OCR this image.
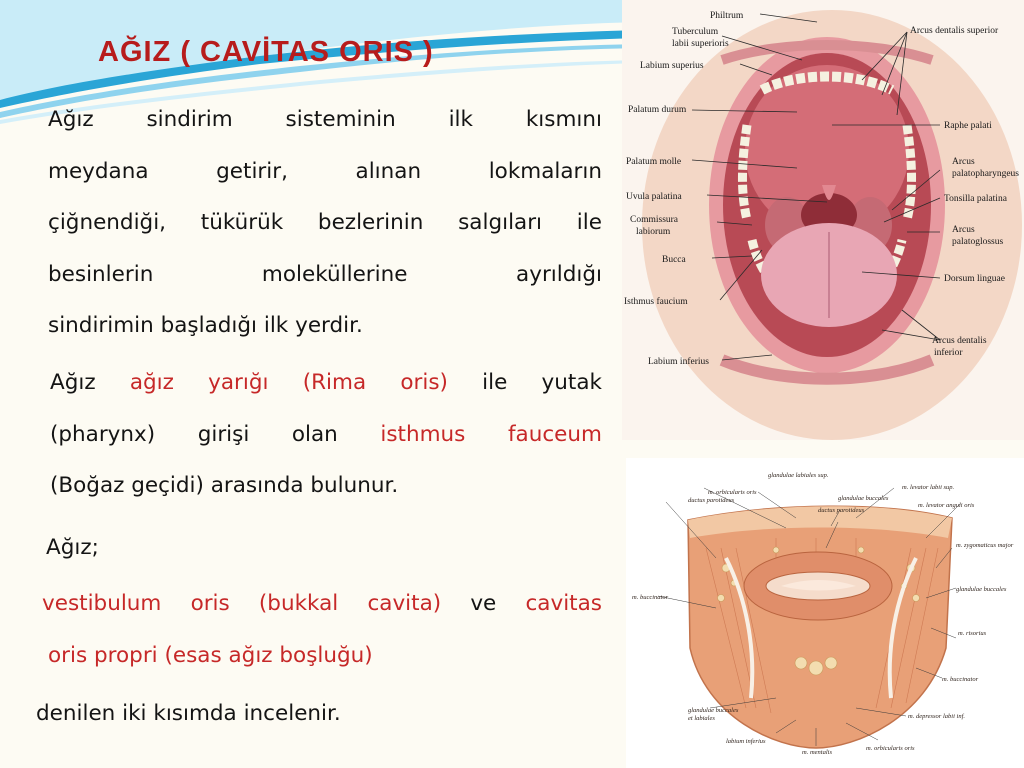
AĞIZ ( CAVİTAS ORIS )
Ağız sindirim sisteminin ilk kısmını
meydana	getirir,	alınan	lokmaların
çiğnendiği, tükürük bezlerinin salgıları ile
besinlerin	moleküllerine	ayrıldığı
sindirimin başladığı ilk yerdir.
Ağız ağız yarığı (Rima oris) ile yutak
(pharynx) girişi olan isthmus fauceum
(Boğaz geçidi) arasında bulunur.
Ağız;
vestibulum oris (bukkal cavita) ve cavitas
oris propri (esas ağız boşluğu)
denilen iki kısımda incelenir.
Philtrum
Tuberculum
labii superioris
Labium superius
Palatum durum
Palatum molle
Uvula palatina
Commissura
labiorum
Bucca
Isthmus faucium
Labium inferius
Arcus dentalis superior
Raphe palati
Arcus
palatopharyngeus
Tonsilla palatina
Arcus
palatoglossus
Dorsum linguae
Arcus dentalis
inferior
glandulae labiales sup.
m. orbicularis oris
m. levator labii sup.
ductus parotideus	glandulae buccales
ductus parotideus
m. levator anguli oris
m. zygomaticus major
m. buccinator
glandulae buccales
m. risorius
m. buccinator
glandulae buccales
et labiales	m. depressor labii inf.
labium inferius
m. mentalis
m. orbicularis oris
